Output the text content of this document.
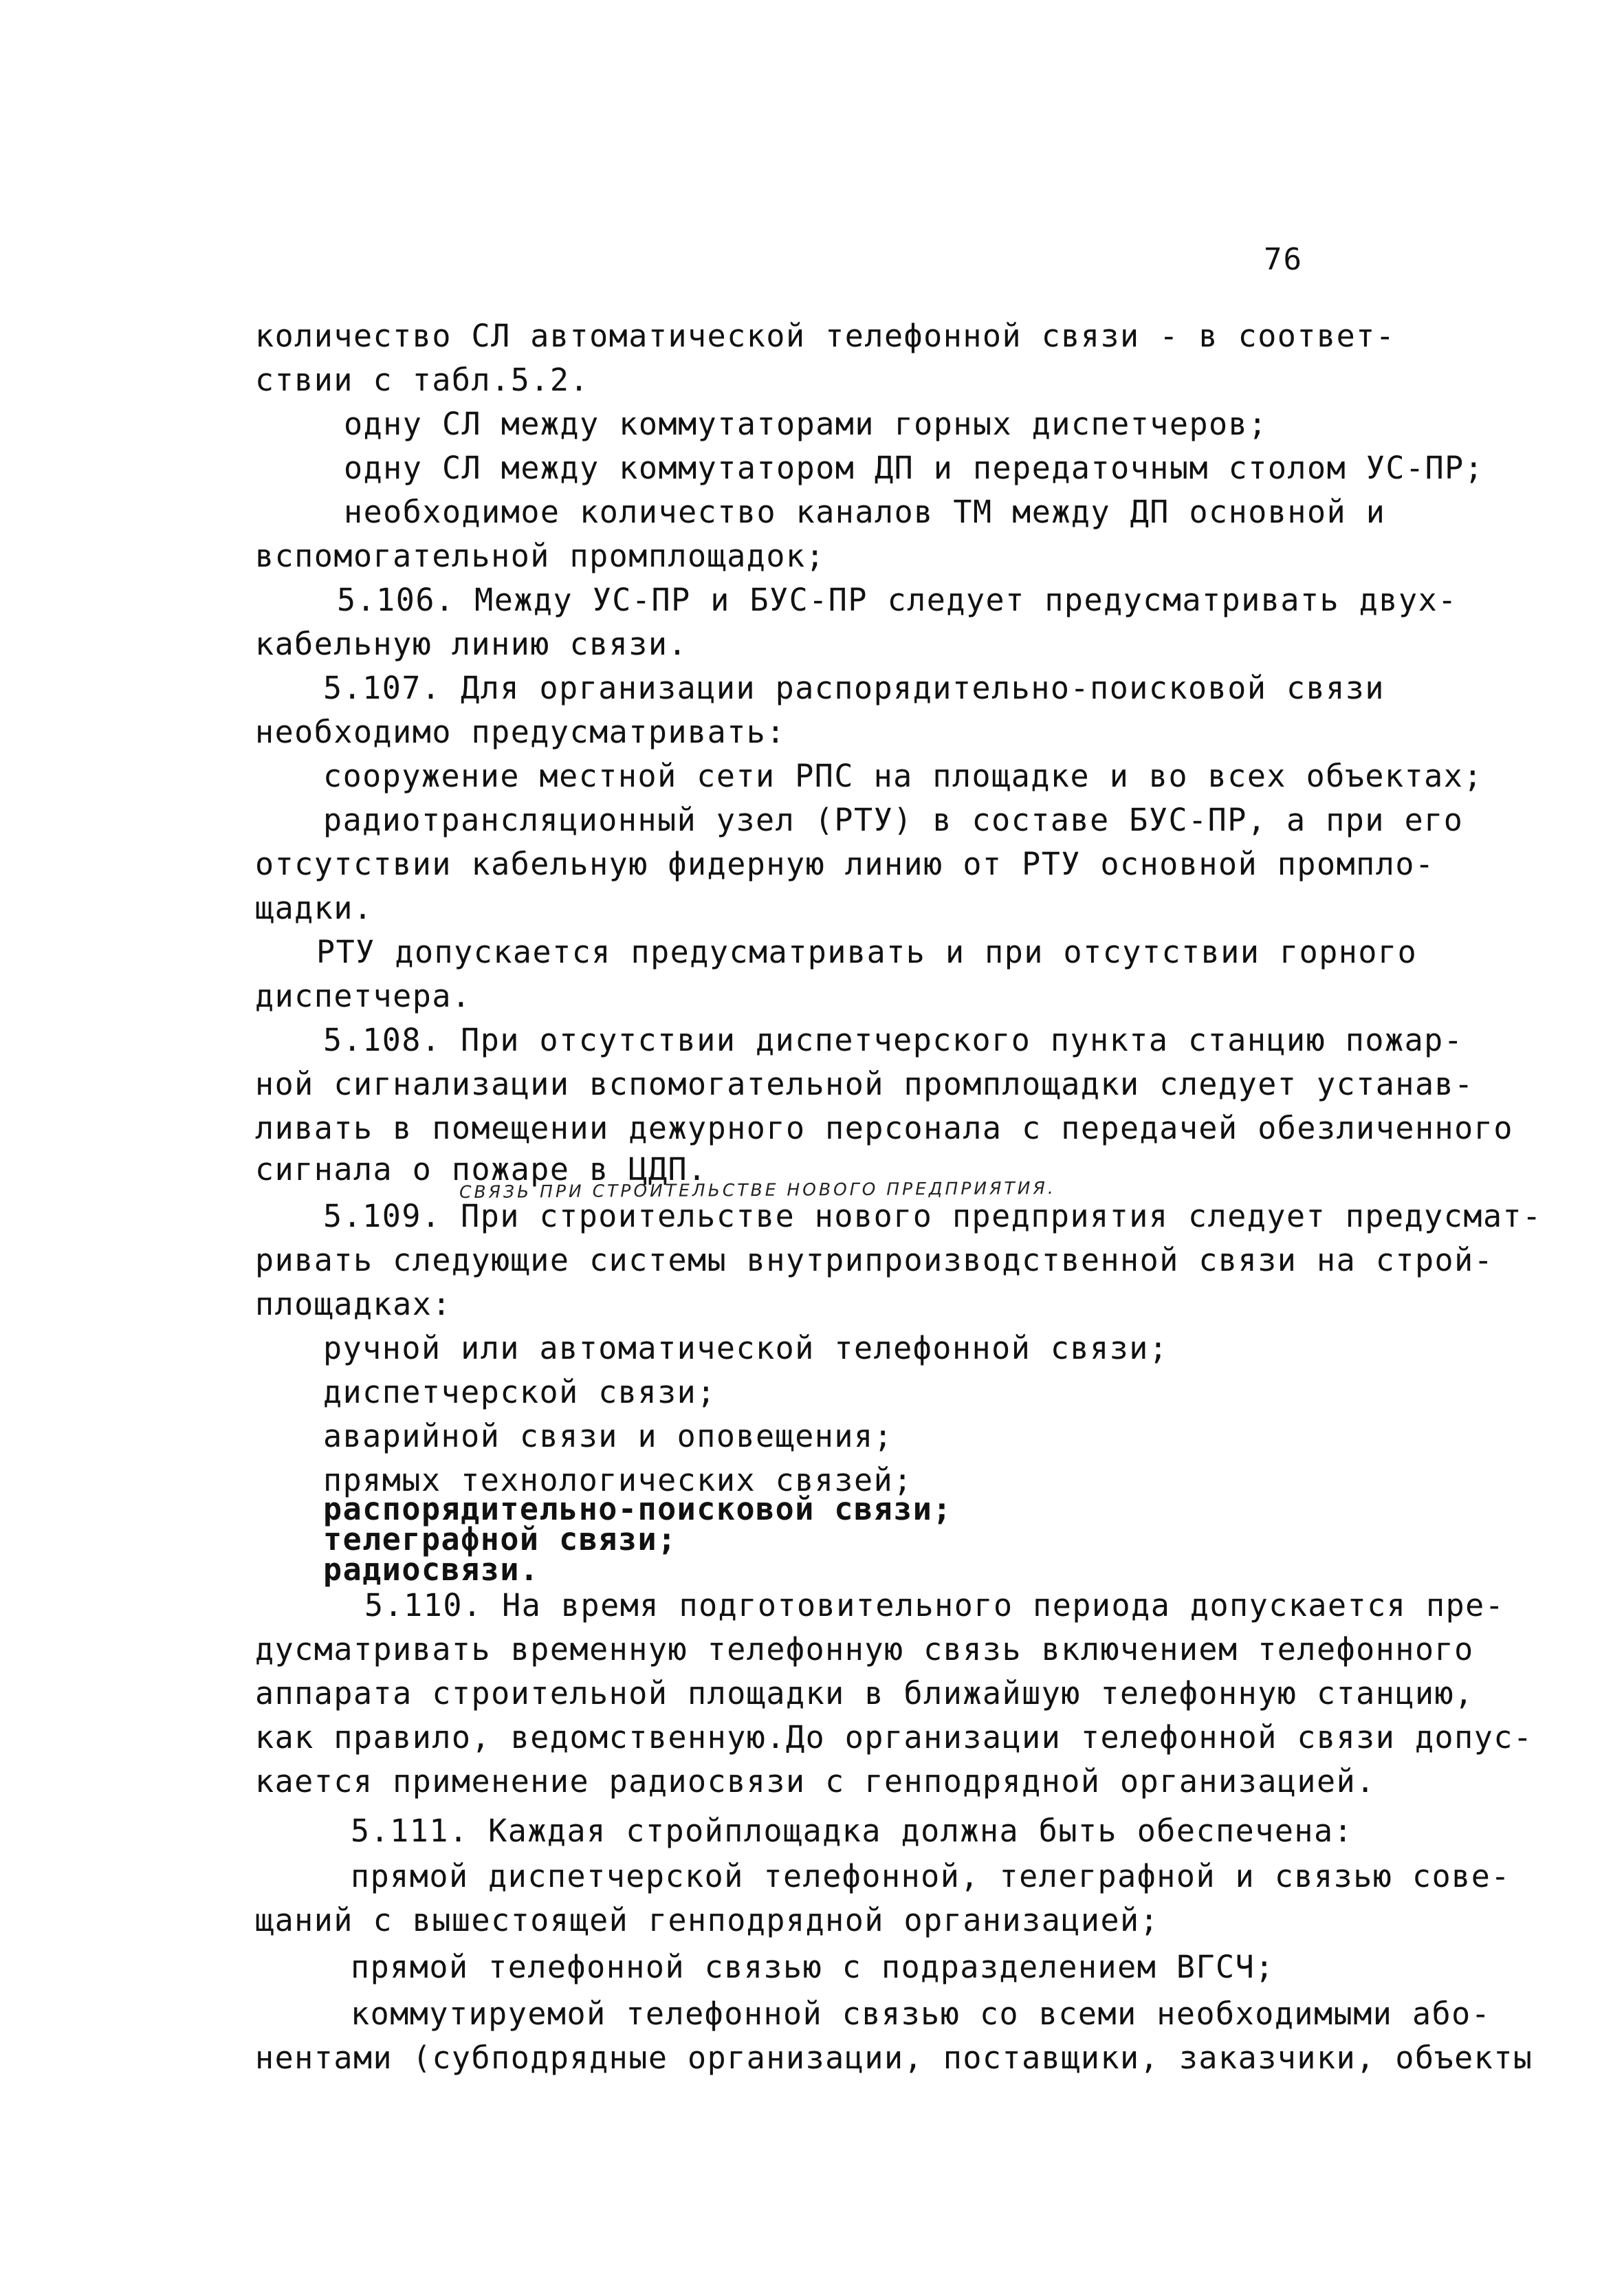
76
количество СЛ автоматической телефонной связи - в соответ-
ствии с табл.5.2.
одну СЛ между коммутаторами горных диспетчеров;
одну СЛ между коммутатором ДП и передаточным столом УС-ПР;
необходимое количество каналов ТМ между ДП основной и
вспомогательной промплощадок;
5.106. Между УС-ПР и БУС-ПР следует предусматривать двух-
кабельную линию связи.
5.107. Для организации распорядительно-поисковой связи
необходимо предусматривать:
сооружение местной сети РПС на площадке и во всех объектах;
радиотрансляционный узел (РТУ) в составе БУС-ПР, а при его
отсутствии кабельную фидерную линию от РТУ основной промпло-
щадки.
РТУ допускается предусматривать и при отсутствии горного
диспетчера.
5.108. При отсутствии диспетчерского пункта станцию пожар-
ной сигнализации вспомогательной промплощадки следует устанав-
ливать в помещении дежурного персонала с передачей обезличенного
сигнала о пожаре в ЦДП.
СВЯЗЬ ПРИ СТРОИТЕЛЬСТВЕ НОВОГО ПРЕДПРИЯТИЯ.
5.109. При строительстве нового предприятия следует предусмат-
ривать следующие системы внутрипроизводственной связи на строй-
площадках:
ручной или автоматической телефонной связи;
диспетчерской связи;
аварийной связи и оповещения;
прямых технологических связей;
распорядительно-поисковой связи;
телеграфной связи;
радиосвязи.
5.110. На время подготовительного периода допускается пре-
дусматривать временную телефонную связь включением телефонного
аппарата строительной площадки в ближайшую телефонную станцию,
как правило, ведомственную.До организации телефонной связи допус-
кается применение радиосвязи с генподрядной организацией.
5.111. Каждая стройплощадка должна быть обеспечена:
прямой диспетчерской телефонной, телеграфной и связью сове-
щаний с вышестоящей генподрядной организацией;
прямой телефонной связью с подразделением ВГСЧ;
коммутируемой телефонной связью со всеми необходимыми або-
нентами (субподрядные организации, поставщики, заказчики, объекты
